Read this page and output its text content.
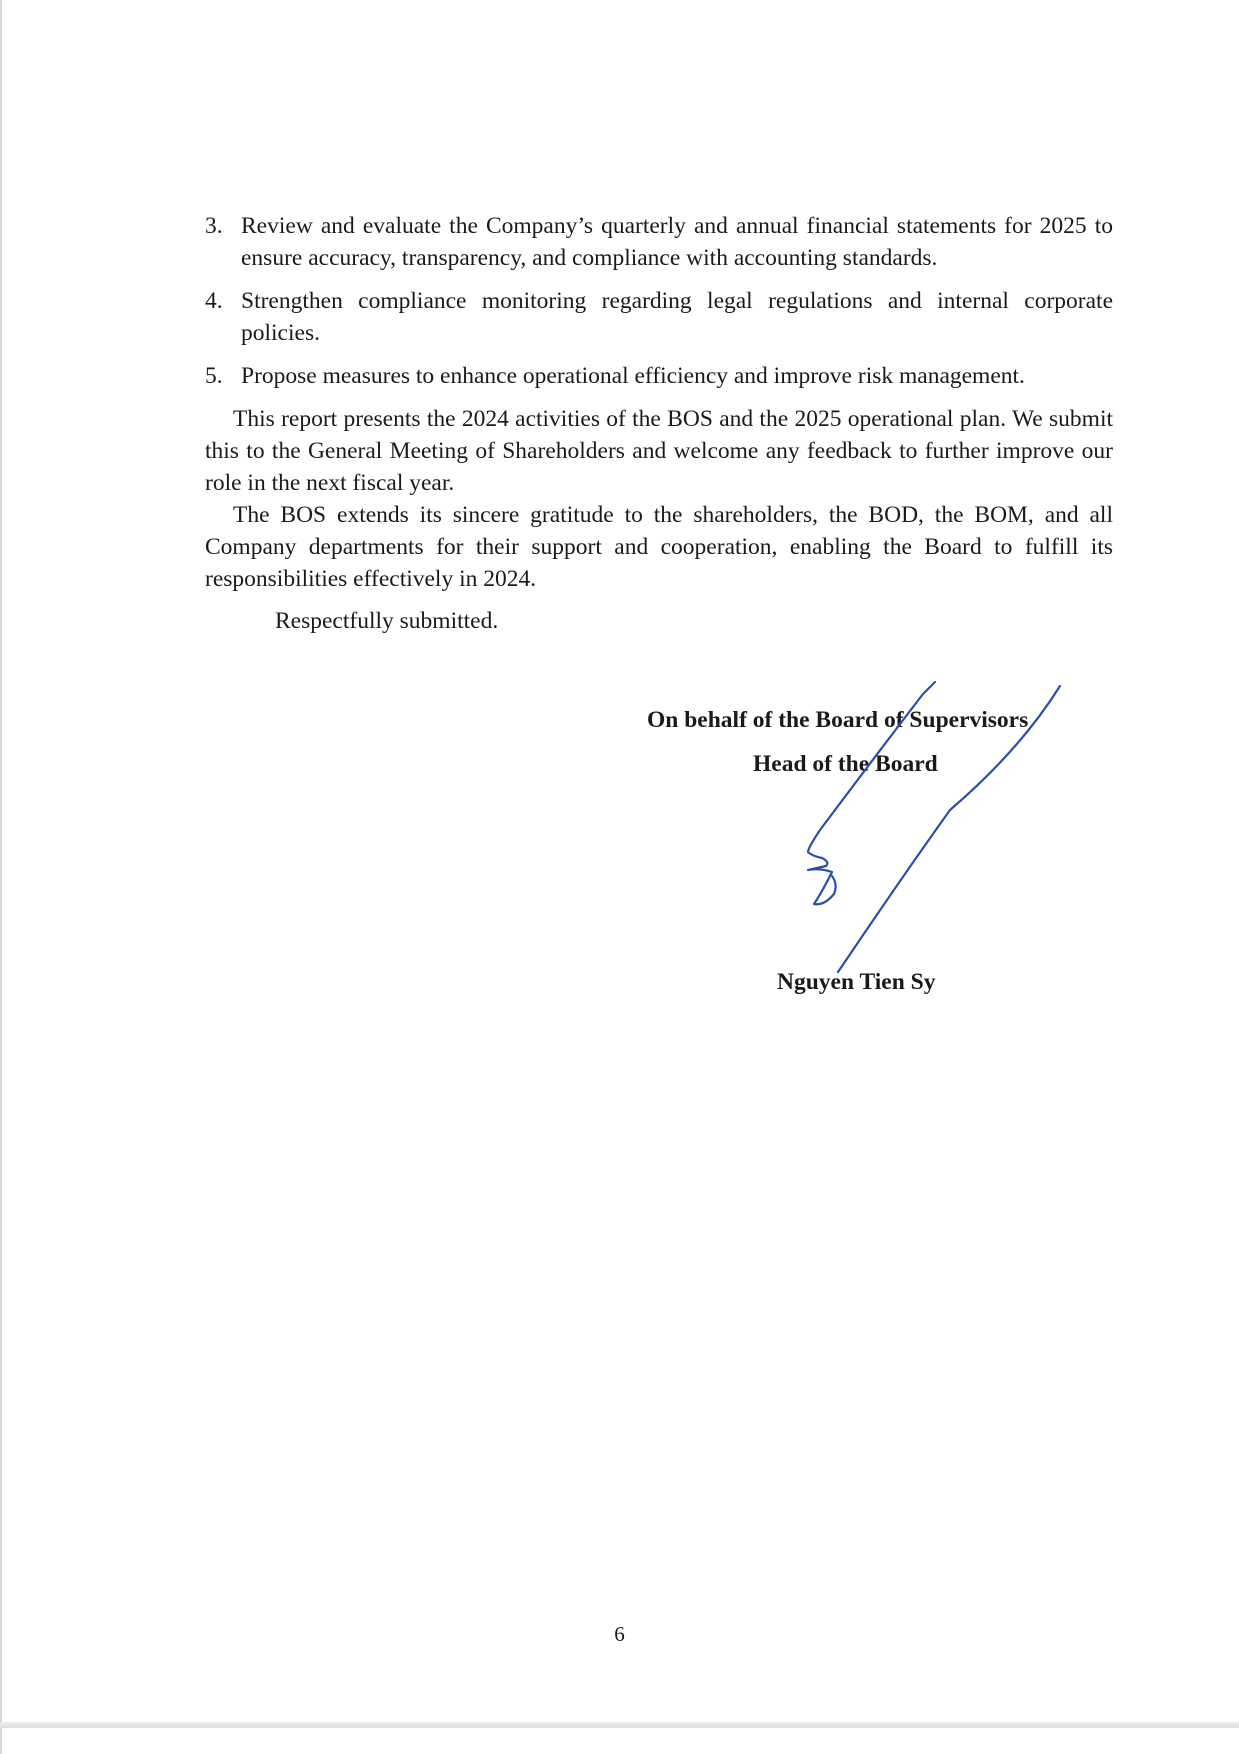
3. Review and evaluate the Company’s quarterly and annual financial statements for 2025 to ensure accuracy, transparency, and compliance with accounting standards.
4. Strengthen compliance monitoring regarding legal regulations and internal corporate policies.
5. Propose measures to enhance operational efficiency and improve risk management.

This report presents the 2024 activities of the BOS and the 2025 operational plan. We submit this to the General Meeting of Shareholders and welcome any feedback to further improve our role in the next fiscal year.

The BOS extends its sincere gratitude to the shareholders, the BOD, the BOM, and all Company departments for their support and cooperation, enabling the Board to fulfill its responsibilities effectively in 2024.

Respectfully submitted.
On behalf of the Board of Supervisors
Head of the Board
Nguyen Tien Sy
6
